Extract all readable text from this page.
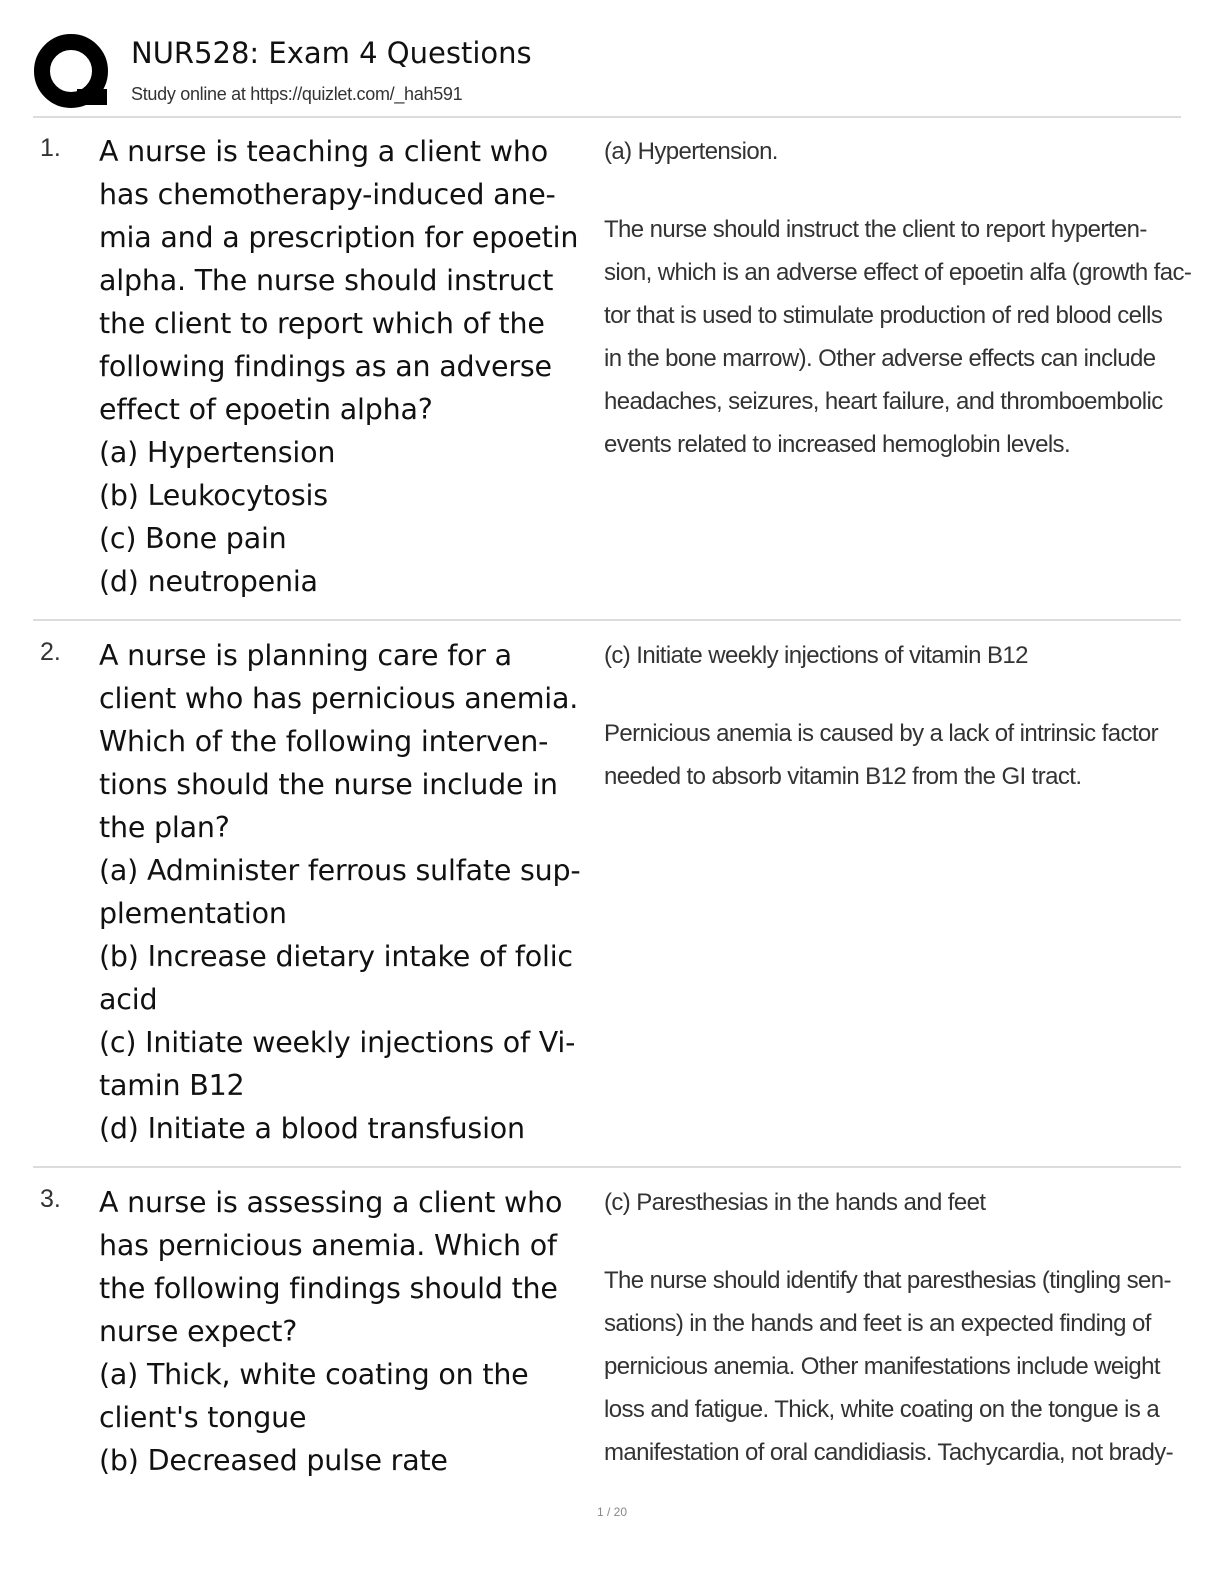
NUR528: Exam 4 Questions
Study online at https://quizlet.com/_hah591
1. A nurse is teaching a client who
has chemotherapy-induced ane-
mia and a prescription for epoetin
alpha. The nurse should instruct
the client to report which of the
following findings as an adverse
effect of epoetin alpha?
(a) Hypertension
(b) Leukocytosis
(c) Bone pain
(d) neutropenia
(a) Hypertension.
The nurse should instruct the client to report hyperten-
sion, which is an adverse effect of epoetin alfa (growth fac-
tor that is used to stimulate production of red blood cells
in the bone marrow). Other adverse effects can include
headaches, seizures, heart failure, and thromboembolic
events related to increased hemoglobin levels.
2. A nurse is planning care for a
client who has pernicious anemia.
Which of the following interven-
tions should the nurse include in
the plan?
(a) Administer ferrous sulfate sup-
plementation
(b) Increase dietary intake of folic
acid
(c) Initiate weekly injections of Vi-
tamin B12
(d) Initiate a blood transfusion
(c) Initiate weekly injections of vitamin B12
Pernicious anemia is caused by a lack of intrinsic factor
needed to absorb vitamin B12 from the GI tract.
3. A nurse is assessing a client who
has pernicious anemia. Which of
the following findings should the
nurse expect?
(a) Thick, white coating on the
client's tongue
(b) Decreased pulse rate
(c) Paresthesias in the hands and feet
The nurse should identify that paresthesias (tingling sen-
sations) in the hands and feet is an expected finding of
pernicious anemia. Other manifestations include weight
loss and fatigue. Thick, white coating on the tongue is a
manifestation of oral candidiasis. Tachycardia, not brady-
1 / 20
